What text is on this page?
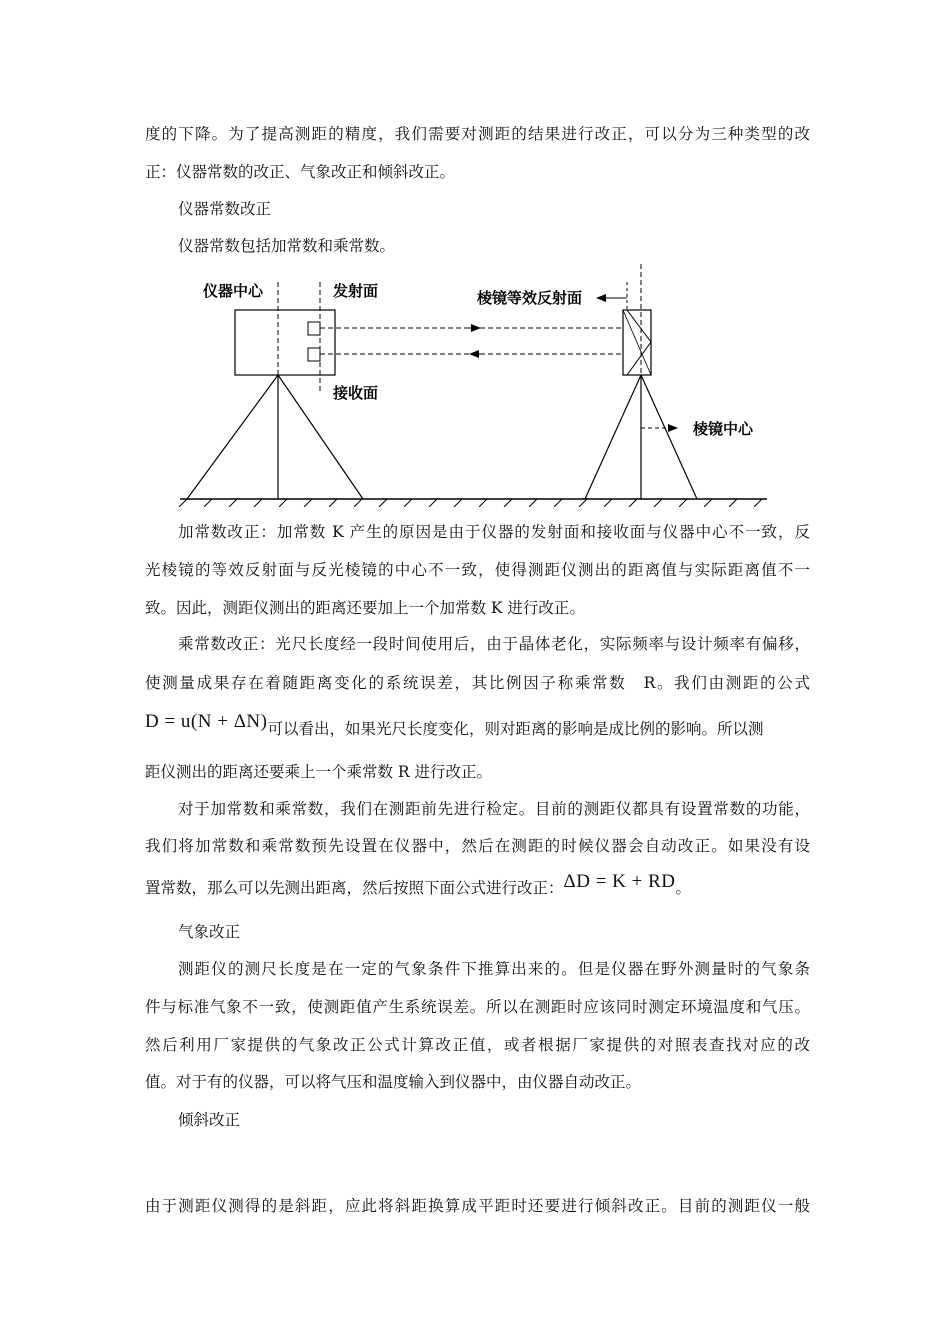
度的下降。为了提高测距的精度，我们需要对测距的结果进行改正，可以分为三种类型的改
正：仪器常数的改正、气象改正和倾斜改正。
仪器常数改正
仪器常数包括加常数和乘常数。
仪器中心	发射面
接收面
棱镜等效反射面
棱镜中心
加常数改正：加常数 K 产生的原因是由于仪器的发射面和接收面与仪器中心不一致，反
光棱镜的等效反射面与反光棱镜的中心不一致，使得测距仪测出的距离值与实际距离值不一
致。因此，测距仪测出的距离还要加上一个加常数 K 进行改正。
乘常数改正：光尺长度经一段时间使用后，由于晶体老化，实际频率与设计频率有偏移，
使测量成果存在着随距离变化的系统误差，其比例因子称乘常数　R。我们由测距的公式
D = u(N + ΔN)可以看出，如果光尺长度变化，则对距离的影响是成比例的影响。所以测
距仪测出的距离还要乘上一个乘常数 R 进行改正。
对于加常数和乘常数，我们在测距前先进行检定。目前的测距仪都具有设置常数的功能，
我们将加常数和乘常数预先设置在仪器中，然后在测距的时候仪器会自动改正。如果没有设
置常数，那么可以先测出距离，然后按照下面公式进行改正：ΔD = K + RD。
气象改正
测距仪的测尺长度是在一定的气象条件下推算出来的。但是仪器在野外测量时的气象条
件与标准气象不一致，使测距值产生系统误差。所以在测距时应该同时测定环境温度和气压。
然后利用厂家提供的气象改正公式计算改正值，或者根据厂家提供的对照表查找对应的改
值。对于有的仪器，可以将气压和温度输入到仪器中，由仪器自动改正。
倾斜改正
由于测距仪测得的是斜距，应此将斜距换算成平距时还要进行倾斜改正。目前的测距仪一般
